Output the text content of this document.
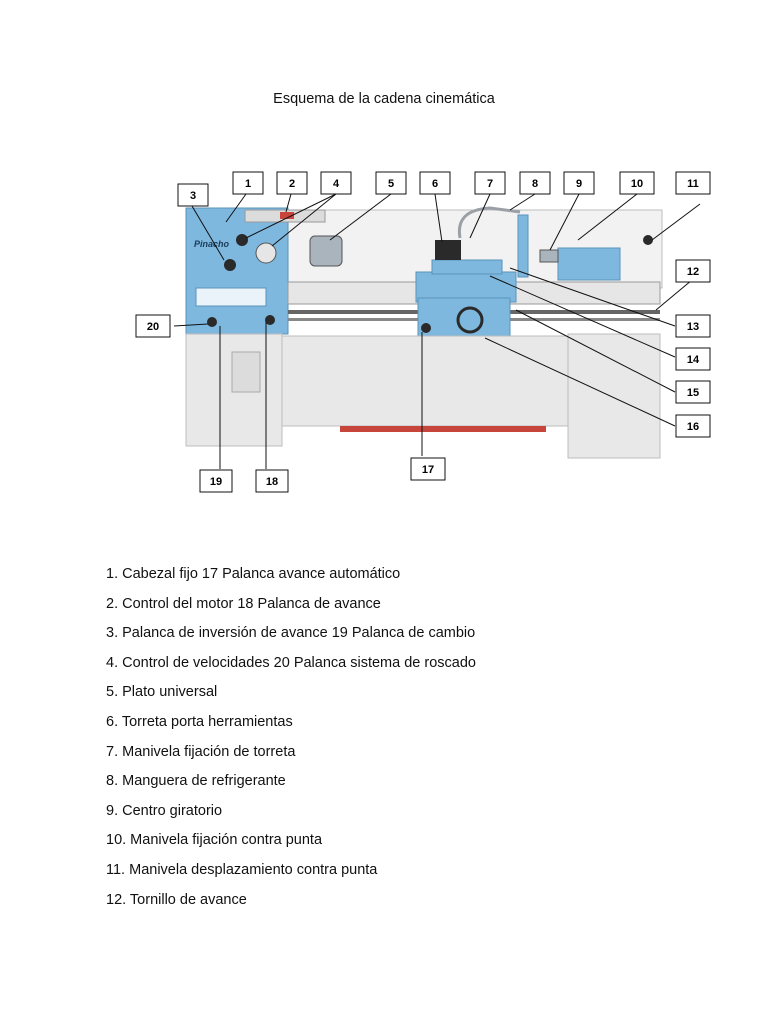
Esquema de la cadena cinemática
Pinacho
1	2
3
4	5	6	7	8	9	10	11
12
13
14
15
16
17
18
19
20
1. Cabezal fijo 17 Palanca avance automático
2. Control del motor 18 Palanca de avance
3. Palanca de inversión de avance 19 Palanca de cambio
4. Control de velocidades 20 Palanca sistema de roscado
5. Plato universal
6. Torreta porta herramientas
7. Manivela fijación de torreta
8. Manguera de refrigerante
9. Centro giratorio
10. Manivela fijación contra punta
11. Manivela desplazamiento contra punta
12. Tornillo de avance
